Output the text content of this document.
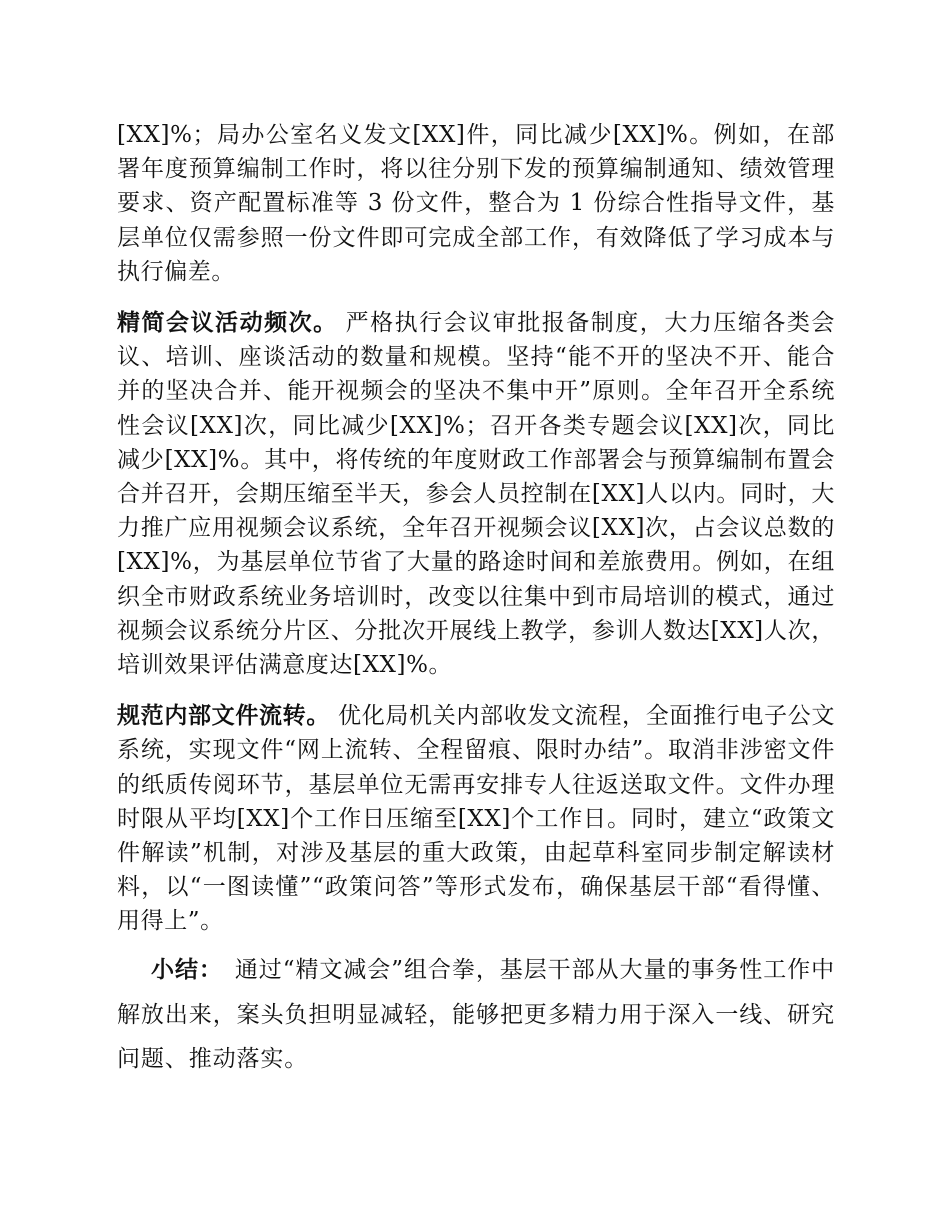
[XX]%；局办公室名义发文[XX]件，同比减少[XX]%。例如，在部署年度预算编制工作时，将以往分别下发的预算编制通知、绩效管理要求、资产配置标准等 3 份文件，整合为 1 份综合性指导文件，基层单位仅需参照一份文件即可完成全部工作，有效降低了学习成本与执行偏差。

精简会议活动频次。 严格执行会议审批报备制度，大力压缩各类会议、培训、座谈活动的数量和规模。坚持“能不开的坚决不开、能合并的坚决合并、能开视频会的坚决不集中开”原则。全年召开全系统性会议[XX]次，同比减少[XX]%；召开各类专题会议[XX]次，同比减少[XX]%。其中，将传统的年度财政工作部署会与预算编制布置会合并召开，会期压缩至半天，参会人员控制在[XX]人以内。同时，大力推广应用视频会议系统，全年召开视频会议[XX]次，占会议总数的[XX]%，为基层单位节省了大量的路途时间和差旅费用。例如，在组织全市财政系统业务培训时，改变以往集中到市局培训的模式，通过视频会议系统分片区、分批次开展线上教学，参训人数达[XX]人次，培训效果评估满意度达[XX]%。

规范内部文件流转。 优化局机关内部收发文流程，全面推行电子公文系统，实现文件“网上流转、全程留痕、限时办结”。取消非涉密文件的纸质传阅环节，基层单位无需再安排专人往返送取文件。文件办理时限从平均[XX]个工作日压缩至[XX]个工作日。同时，建立“政策文件解读”机制，对涉及基层的重大政策，由起草科室同步制定解读材料，以“一图读懂”“政策问答”等形式发布，确保基层干部“看得懂、用得上”。

小结： 通过“精文减会”组合拳，基层干部从大量的事务性工作中解放出来，案头负担明显减轻，能够把更多精力用于深入一线、研究问题、推动落实。
